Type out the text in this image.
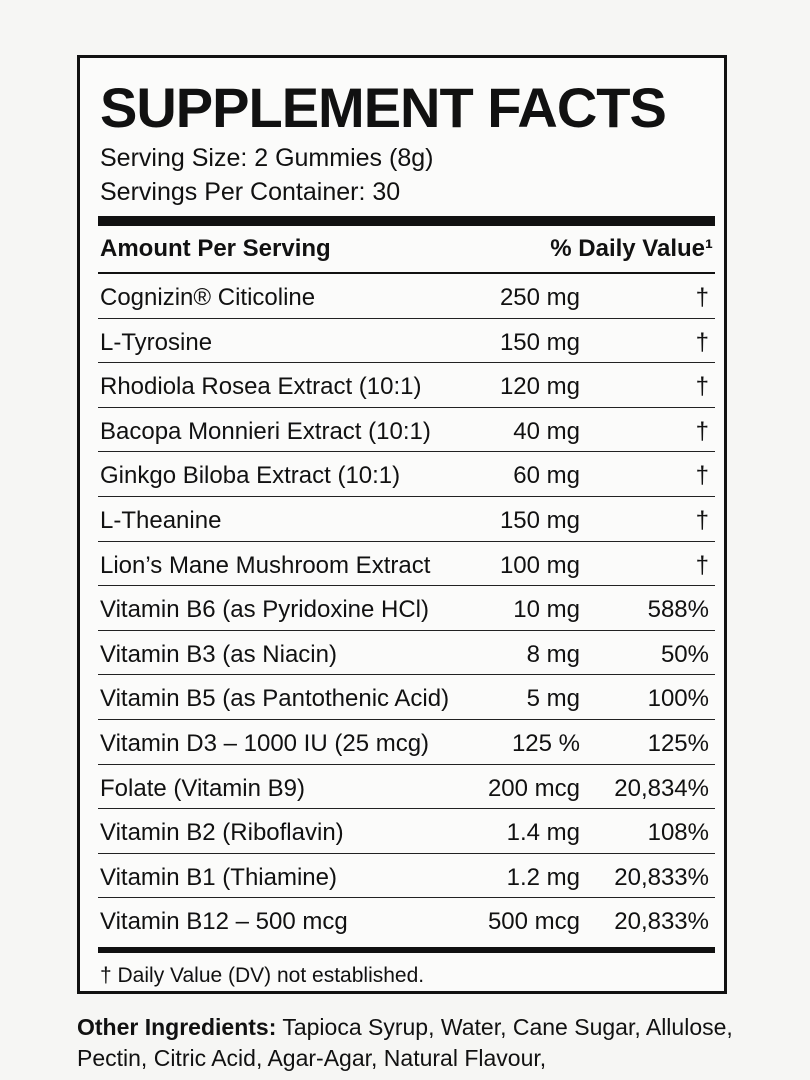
SUPPLEMENT FACTS
Serving Size: 2 Gummies (8g)
Servings Per Container: 30
Amount Per Serving	% Daily Value¹
Cognizin® Citicoline	250 mg	†
L-Tyrosine	150 mg	†
Rhodiola Rosea Extract (10:1)	120 mg	†
Bacopa Monnieri Extract (10:1)	40 mg	†
Ginkgo Biloba Extract (10:1)	60 mg	†
L-Theanine	150 mg	†
Lion’s Mane Mushroom Extract	100 mg	†
Vitamin B6 (as Pyridoxine HCl)	10 mg	588%
Vitamin B3 (as Niacin)	8 mg	50%
Vitamin B5 (as Pantothenic Acid)	5 mg	100%
Vitamin D3 – 1000 IU (25 mcg)	125 %	125%
Folate (Vitamin B9)	200 mcg 20,834%
Vitamin B2 (Riboflavin)	1.4 mg	108%
Vitamin B1 (Thiamine)	1.2 mg 20,833%
Vitamin B12 – 500 mcg	500 mcg 20,833%
† Daily Value (DV) not established.
Other Ingredients: Tapioca Syrup, Water, Cane Sugar, Allulose, Pectin, Citric Acid, Agar-Agar, Natural Flavour,
